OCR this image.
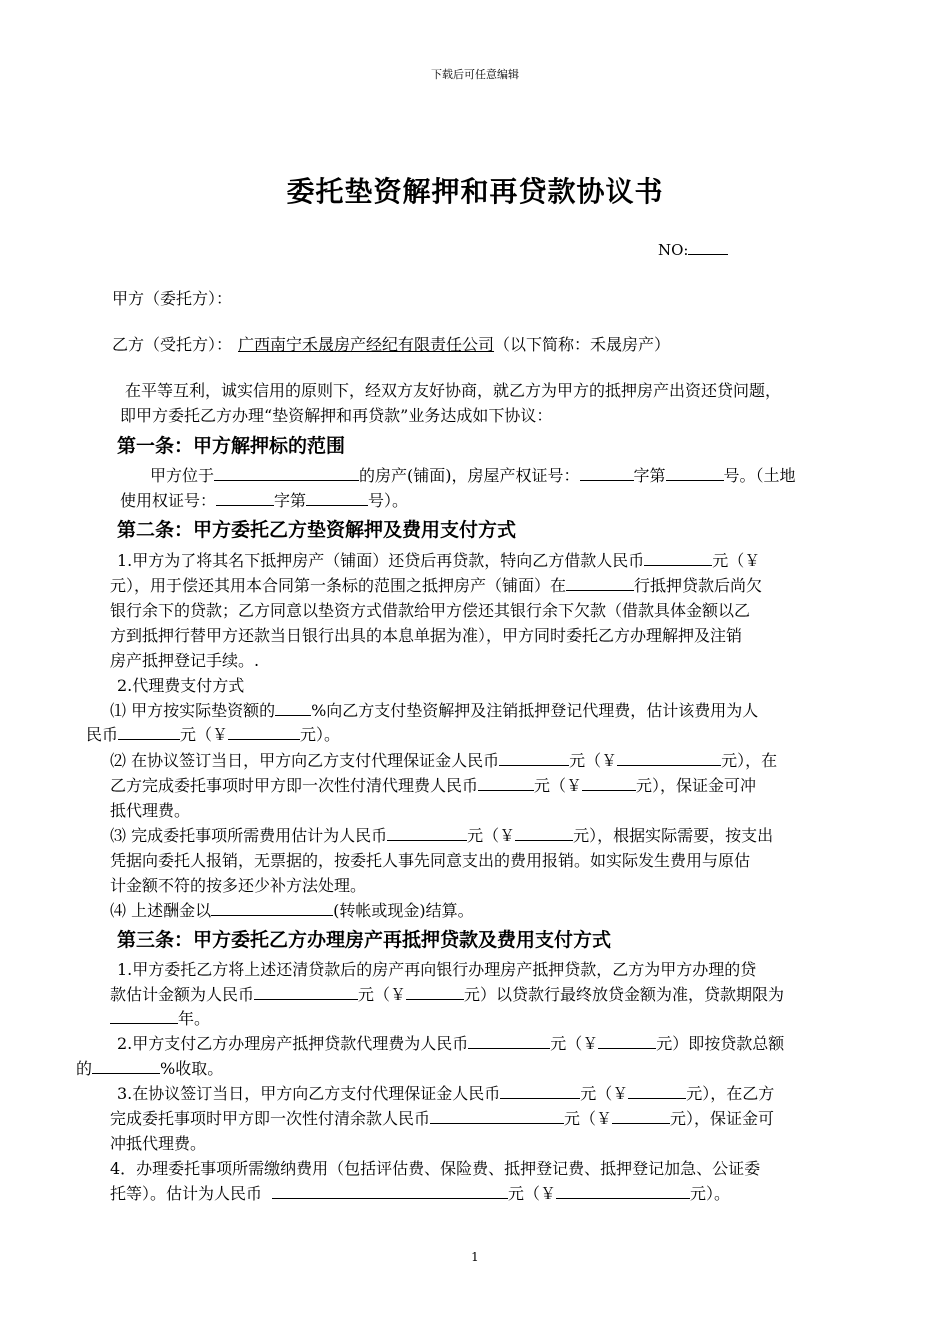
下载后可任意编辑
委托垫资解押和再贷款协议书
NO:
甲方（委托方）：
乙方（受托方）： 广西南宁禾晟房产经纪有限责任公司（以下简称：禾晟房产）
在平等互利，诚实信用的原则下，经双方友好协商，就乙方为甲方的抵押房产出资还贷问题，
即甲方委托乙方办理“垫资解押和再贷款”业务达成如下协议：
第一条：甲方解押标的范围
甲方位于	的房产(铺面)，房屋产权证号：	字第	号。（土地
使用权证号：	字第	号）。
第二条：甲方委托乙方垫资解押及费用支付方式
1.甲方为了将其名下抵押房产（铺面）还贷后再贷款，特向乙方借款人民币	元（￥
元），用于偿还其用本合同第一条标的范围之抵押房产（铺面）在	行抵押贷款后尚欠
银行余下的贷款；乙方同意以垫资方式借款给甲方偿还其银行余下欠款（借款具体金额以乙
方到抵押行替甲方还款当日银行出具的本息单据为准），甲方同时委托乙方办理解押及注销
房产抵押登记手续。.
2.代理费支付方式
⑴ 甲方按实际垫资额的 %向乙方支付垫资解押及注销抵押登记代理费，估计该费用为人
民币	元（￥	元）。
⑵ 在协议签订当日，甲方向乙方支付代理保证金人民币	元（￥	元），在
乙方完成委托事项时甲方即一次性付清代理费人民币	元（￥	元），保证金可冲
抵代理费。
⑶ 完成委托事项所需费用估计为人民币	元（￥	元），根据实际需要，按支出
凭据向委托人报销，无票据的，按委托人事先同意支出的费用报销。如实际发生费用与原估
计金额不符的按多还少补方法处理。
⑷ 上述酬金以	(转帐或现金)结算。
第三条：甲方委托乙方办理房产再抵押贷款及费用支付方式
1.甲方委托乙方将上述还清贷款后的房产再向银行办理房产抵押贷款，乙方为甲方办理的贷
款估计金额为人民币	元（￥	元）以贷款行最终放贷金额为准，贷款期限为
年。
2.甲方支付乙方办理房产抵押贷款代理费为人民币	元（￥	元）即按贷款总额
的	%收取。
3.在协议签订当日，甲方向乙方支付代理保证金人民币	元（￥	元），在乙方
完成委托事项时甲方即一次性付清余款人民币	元（￥	元），保证金可
冲抵代理费。
4．办理委托事项所需缴纳费用（包括评估费、保险费、抵押登记费、抵押登记加急、公证委
托等）。估计为人民币	元（￥	元）。
1
